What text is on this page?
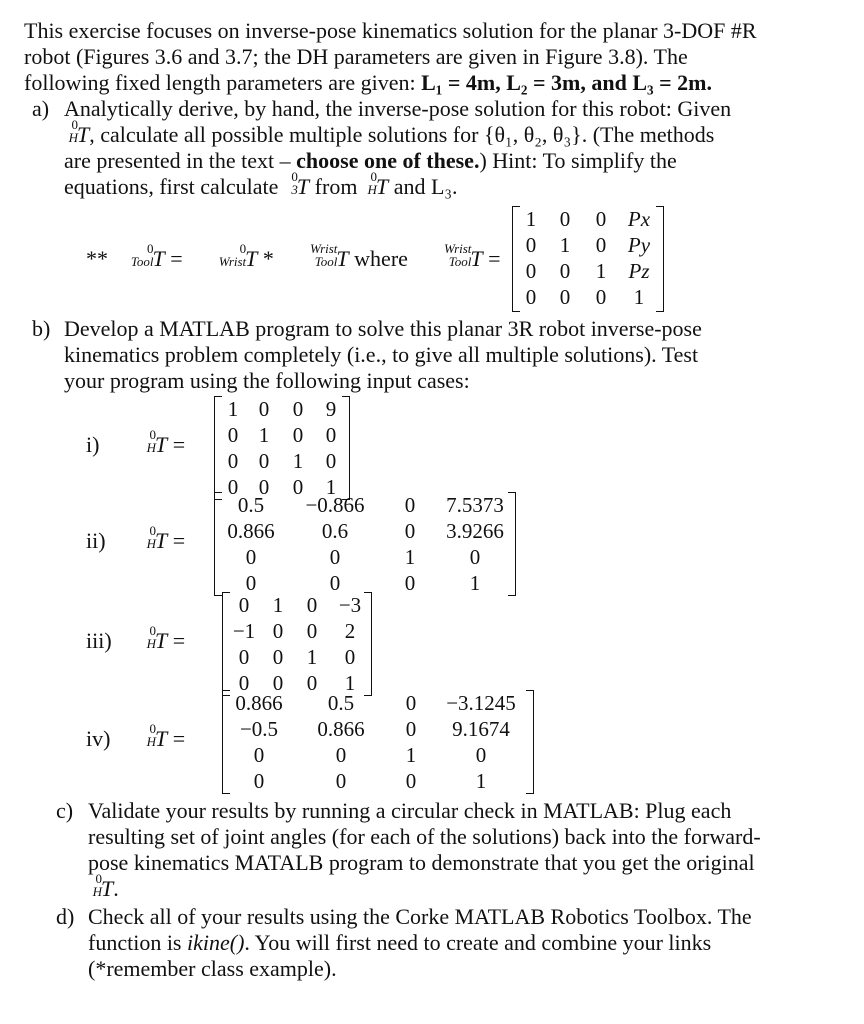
This exercise focuses on inverse-pose kinematics solution for the planar 3-DOF #R

robot (Figures 3.6 and 3.7; the DH parameters are given in Figure 3.8). The

following fixed length parameters are given: L₁ = 4m, L₂ = 3m, and L₃ = 2m.

a) Analytically derive, by hand, the inverse-pose solution for this robot: Given

0
H T, calculate all possible multiple solutions for {θ₁, θ₂, θ₃}. (The methods

are presented in the text – choose one of these.) Hint: To simplify the

equations, first calculate 0
3 T from 0
H T and L₃.

**	0
Tool T =	0
Wrist T *	Wrist
Tool T where	Wrist
Tool T =
1	0	0	Px
0	1	0	Py
0	0	1	Pz
0	0	0	1
b) Develop a MATLAB program to solve this planar 3R robot inverse-pose

kinematics problem completely (i.e., to give all multiple solutions). Test

your program using the following input cases:

i)	0
H T =
1 0	0	9
0 1	0	0
0 0	1	0
0 0	0	1
ii)	0
H T =
0.5	−0.866	0	7.5373
0.866	0.6	0	3.9266
0	0	1	0
0	0	0	1
iii)	0
H T =
0	1	0	−3
−1 0	0	2
0	0	1	0
0	0	0	1
iv)	0
H T =
0.866	0.5	0	−3.1245
−0.5	0.866	0	9.1674
0	0	1	0
0	0	0	1
c) Validate your results by running a circular check in MATLAB: Plug each

resulting set of joint angles (for each of the solutions) back into the forward-

pose kinematics MATALB program to demonstrate that you get the original

0
H T.

d) Check all of your results using the Corke MATLAB Robotics Toolbox. The

function is ikine(). You will first need to create and combine your links

(*remember class example).
